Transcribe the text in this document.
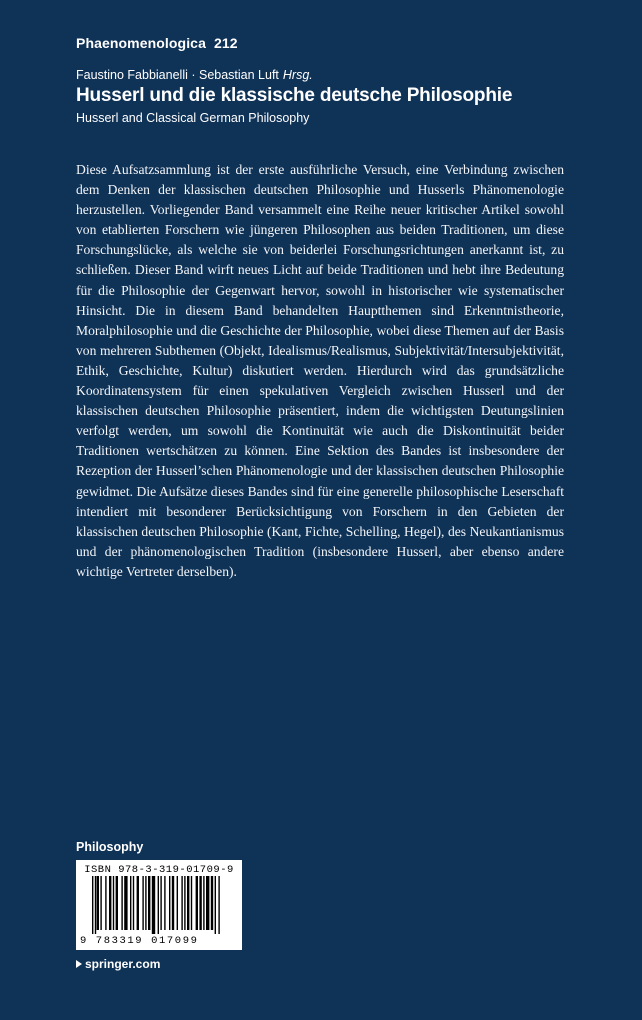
Phaenomenologica 212
Faustino Fabbianelli · Sebastian Luft Hrsg.
Husserl und die klassische deutsche Philosophie
Husserl and Classical German Philosophy

Diese Aufsatzsammlung ist der erste ausführliche Versuch, eine Verbindung zwischen dem Denken der klassischen deutschen Philosophie und Husserls Phänomenologie herzustellen. Vorliegender Band versammelt eine Reihe neuer kritischer Artikel sowohl von etablierten Forschern wie jüngeren Philosophen aus beiden Traditionen, um diese Forschungslücke, als welche sie von beiderlei Forschungsrichtungen anerkannt ist, zu schließen. Dieser Band wirft neues Licht auf beide Traditionen und hebt ihre Bedeutung für die Philosophie der Gegenwart hervor, sowohl in historischer wie systematischer Hinsicht. Die in diesem Band behandelten Hauptthemen sind Erkenntnistheorie, Moralphilosophie und die Geschichte der Philosophie, wobei diese Themen auf der Basis von mehreren Subthemen (Objekt, Idealismus/Realismus, Subjektivität/Intersubjektivität, Ethik, Geschichte, Kultur) diskutiert werden. Hierdurch wird das grundsätzliche Koordinatensystem für einen spekulativen Vergleich zwischen Husserl und der klassischen deutschen Philosophie präsentiert, indem die wichtigsten Deutungslinien verfolgt werden, um sowohl die Kontinuität wie auch die Diskontinuität beider Traditionen wertschätzen zu können. Eine Sektion des Bandes ist insbesondere der Rezeption der Husserl’schen Phänomenologie und der klassischen deutschen Philosophie gewidmet. Die Aufsätze dieses Bandes sind für eine generelle philosophische Leserschaft intendiert mit besonderer Berücksichtigung von Forschern in den Gebieten der klassischen deutschen Philosophie (Kant, Fichte, Schelling, Hegel), des Neukantianismus und der phänomenologischen Tradition (insbesondere Husserl, aber ebenso andere wichtige Vertreter derselben).

Philosophy
ISBN 978-3-319-01709-9
9 783319 017099
springer.com
